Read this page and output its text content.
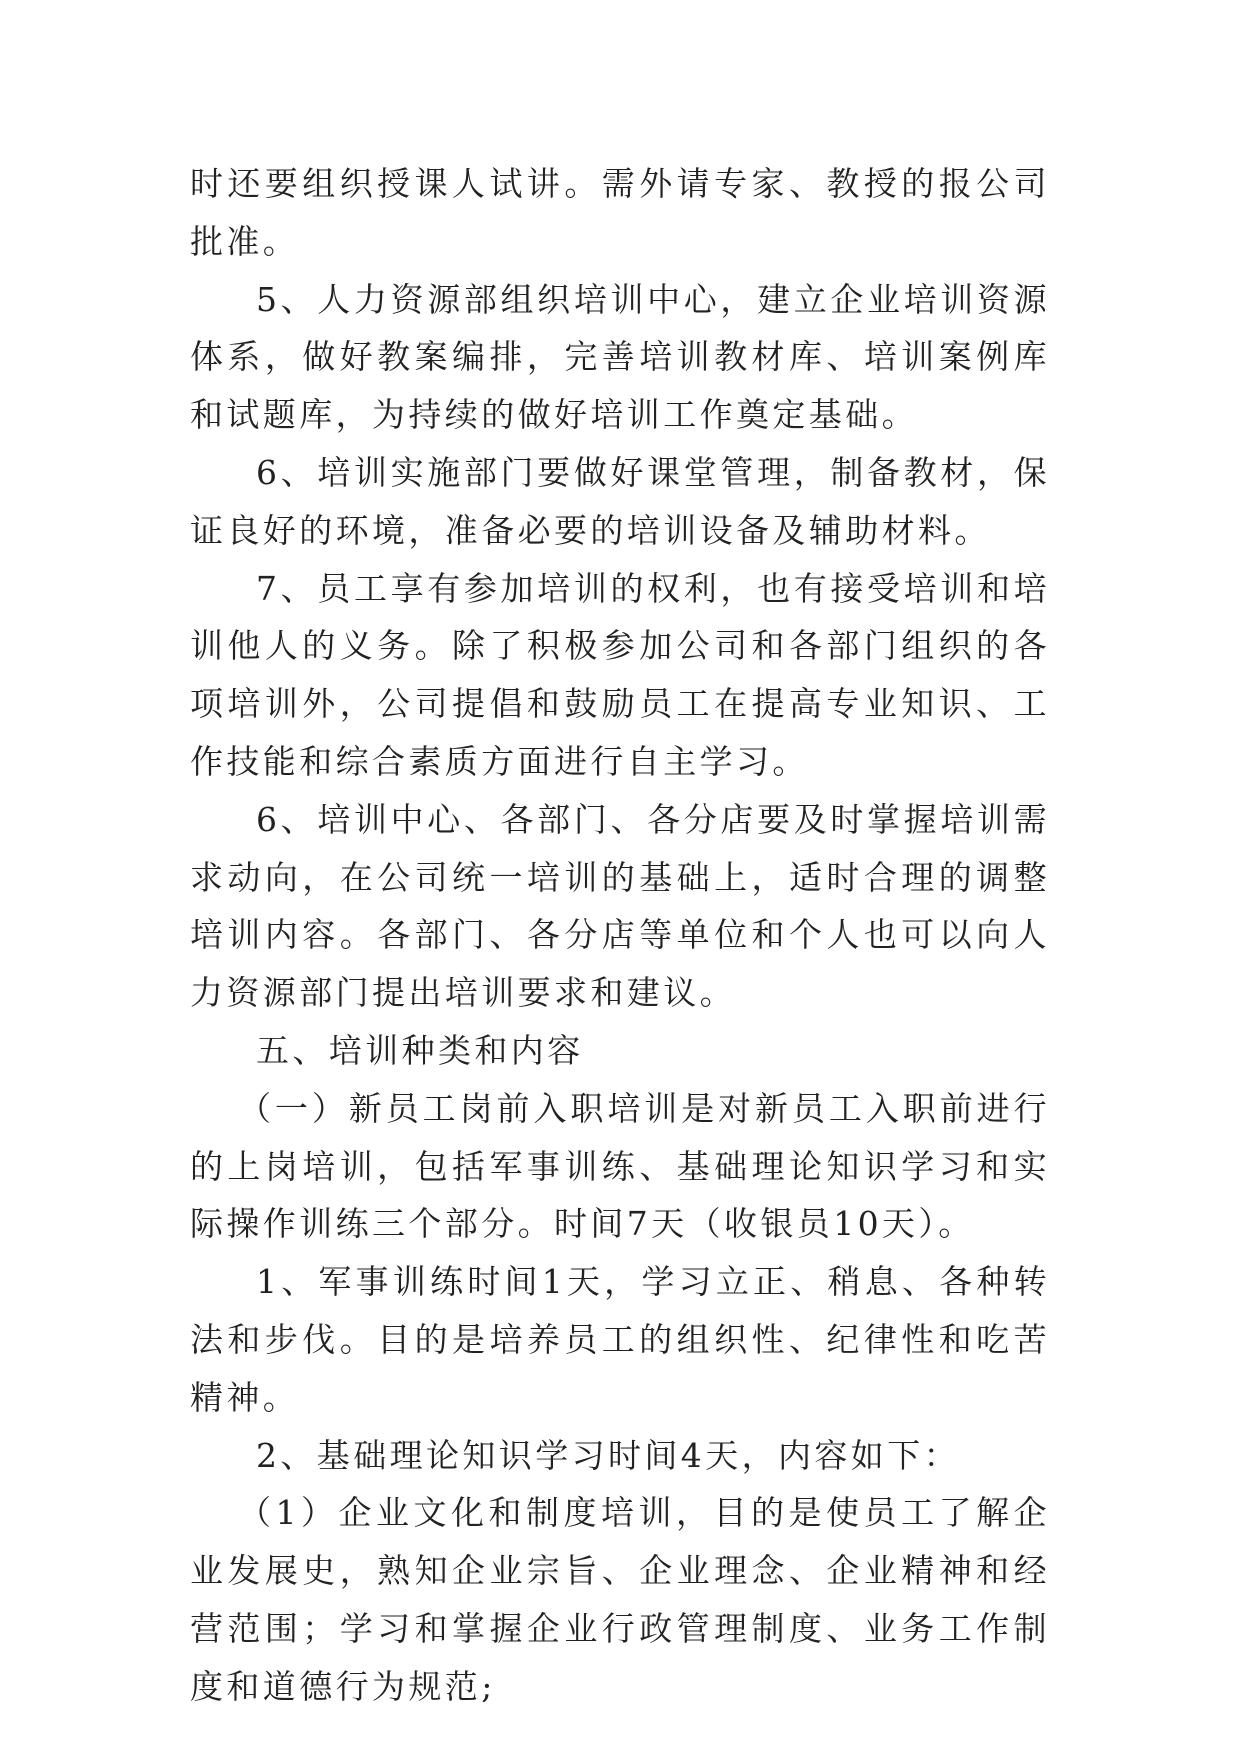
时还要组织授课人试讲。需外请专家、教授的报公司批准。

5、人力资源部组织培训中心，建立企业培训资源体系，做好教案编排，完善培训教材库、培训案例库和试题库，为持续的做好培训工作奠定基础。

6、培训实施部门要做好课堂管理，制备教材，保证良好的环境，准备必要的培训设备及辅助材料。

7、员工享有参加培训的权利，也有接受培训和培训他人的义务。除了积极参加公司和各部门组织的各项培训外，公司提倡和鼓励员工在提高专业知识、工作技能和综合素质方面进行自主学习。

6、培训中心、各部门、各分店要及时掌握培训需求动向，在公司统一培训的基础上，适时合理的调整培训内容。各部门、各分店等单位和个人也可以向人力资源部门提出培训要求和建议。

五、培训种类和内容

（一）新员工岗前入职培训是对新员工入职前进行的上岗培训，包括军事训练、基础理论知识学习和实际操作训练三个部分。时间7天（收银员10天）。

1、军事训练时间1天，学习立正、稍息、各种转法和步伐。目的是培养员工的组织性、纪律性和吃苦精神。

2、基础理论知识学习时间4天，内容如下：

（1）企业文化和制度培训，目的是使员工了解企业发展史，熟知企业宗旨、企业理念、企业精神和经营范围；学习和掌握企业行政管理制度、业务工作制度和道德行为规范;
